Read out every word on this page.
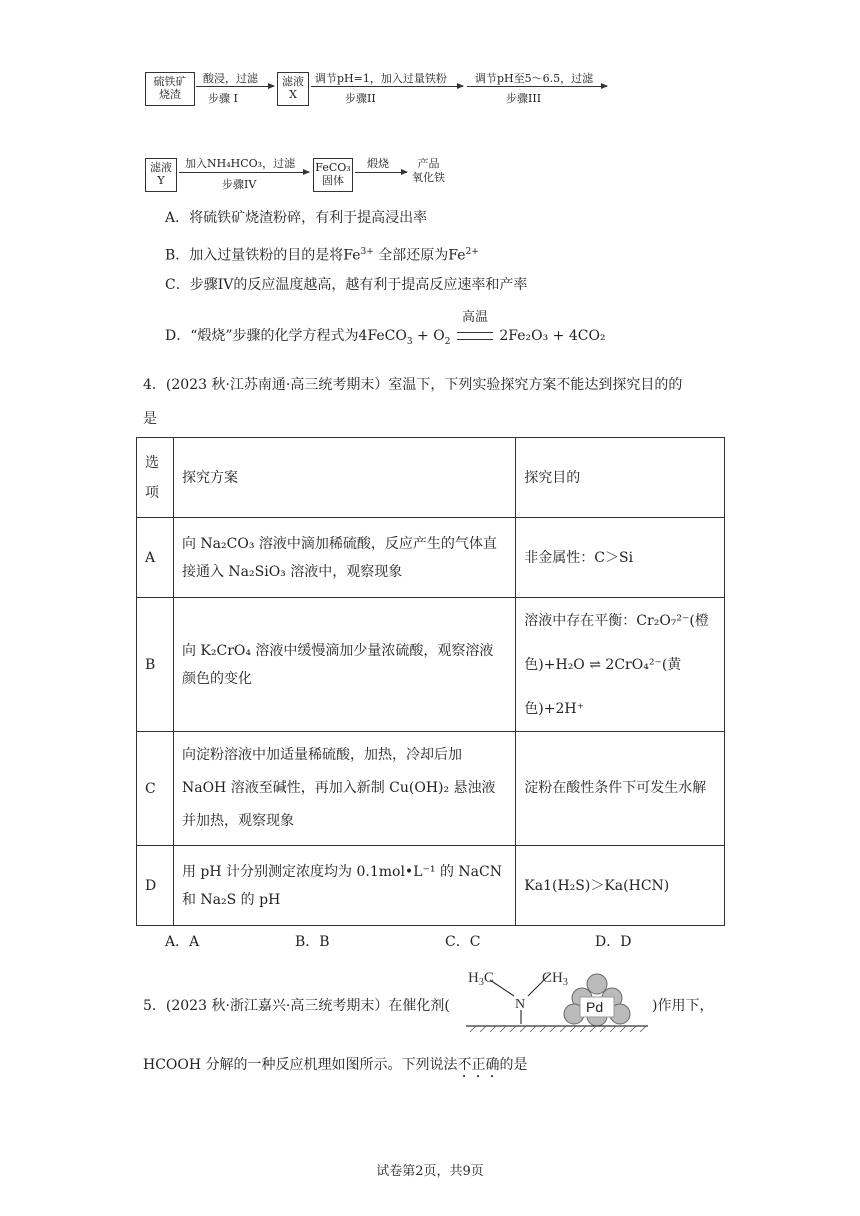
硫铁矿
烧渣
酸浸，过滤
步骤 I
滤液
X
调节pH=1，加入过量铁粉
步骤II
调节pH至5～6.5，过滤
步骤III
滤液
Y
加入NH₄HCO₃，过滤
步骤IV
FeCO₃
固体
煅烧	产品
氧化铁
A．将硫铁矿烧渣粉碎，有利于提高浸出率
B．加入过量铁粉的目的是将$Fe^{3+}$ 全部还原为$Fe^{2+}$
C．步骤IV的反应温度越高，越有利于提高反应速率和产率
D．“煅烧”步骤的化学方程式为4FeCO$_3$ + $O_2$
高温
2Fe₂O₃ + 4CO₂
4．(2023 秋·江苏南通·高三统考期末）室温下，下列实验探究方案不能达到探究目的的
是
选项	探究方案	探究目的
A	向 Na₂CO₃ 溶液中滴加稀硫酸，反应产生的气体直接通入 Na₂SiO₃ 溶液中，观察现象	非金属性：C＞Si
B	向 K₂CrO₄ 溶液中缓慢滴加少量浓硫酸，观察溶液颜色的变化	溶液中存在平衡：Cr₂O₇²⁻(橙色)+H₂O ⇌ 2CrO₄²⁻(黄色)+2H⁺
C	向淀粉溶液中加适量稀硫酸，加热，冷却后加 NaOH 溶液至碱性，再加入新制 Cu(OH)₂ 悬浊液并加热，观察现象	淀粉在酸性条件下可发生水解
D	用 pH 计分别测定浓度均为 0.1mol•L⁻¹ 的 NaCN 和 Na₂S 的 pH	Ka1(H₂S)＞Ka(HCN)
A．A	B．B	C．C	D．D
5．(2023 秋·浙江嘉兴·高三统考期末）在催化剂(
$H_3C$	$CH_3$
N	Pd	)作用下，
HCOOH 分解的一种反应机理如图所示。下列说法不正确的是
试卷第2页，共9页
